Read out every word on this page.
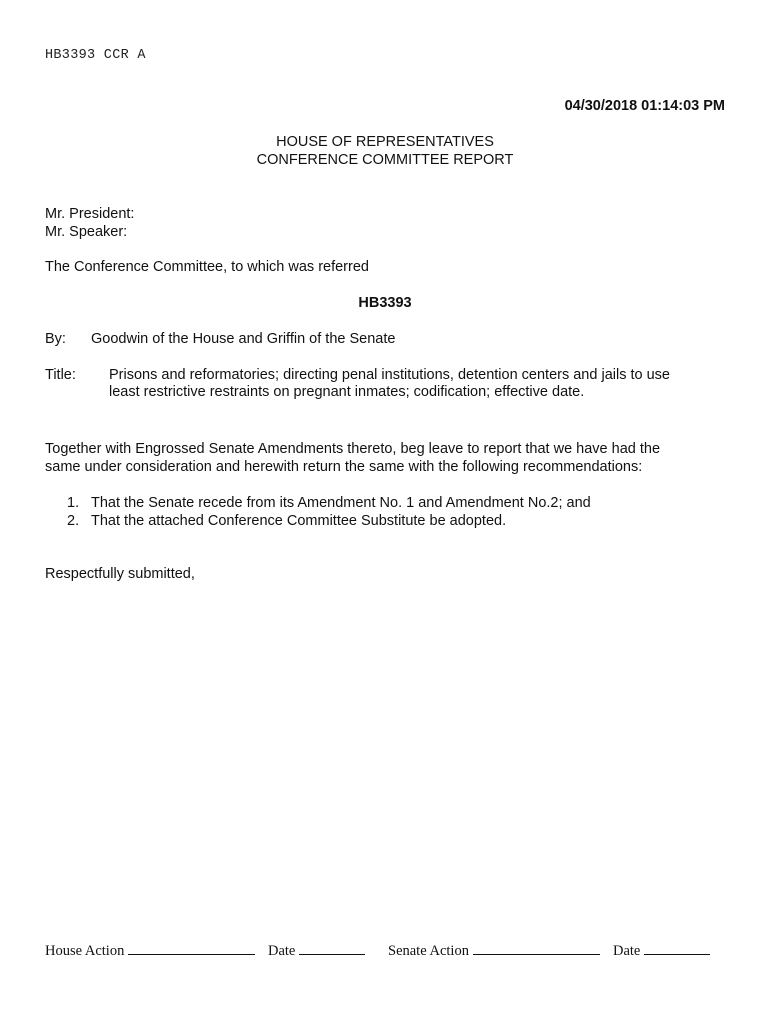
HB3393 CCR A
04/30/2018 01:14:03 PM
HOUSE OF REPRESENTATIVES
CONFERENCE COMMITTEE REPORT
Mr. President:
Mr. Speaker:
The Conference Committee, to which was referred
HB3393
By: Goodwin of the House and Griffin of the Senate
Title: Prisons and reformatories; directing penal institutions, detention centers and jails to use
least restrictive restraints on pregnant inmates; codification; effective date.
Together with Engrossed Senate Amendments thereto, beg leave to report that we have had the
same under consideration and herewith return the same with the following recommendations:
1. That the Senate recede from its Amendment No. 1 and Amendment No.2; and
2. That the attached Conference Committee Substitute be adopted.
Respectfully submitted,
House Action	Date	Senate Action	Date
